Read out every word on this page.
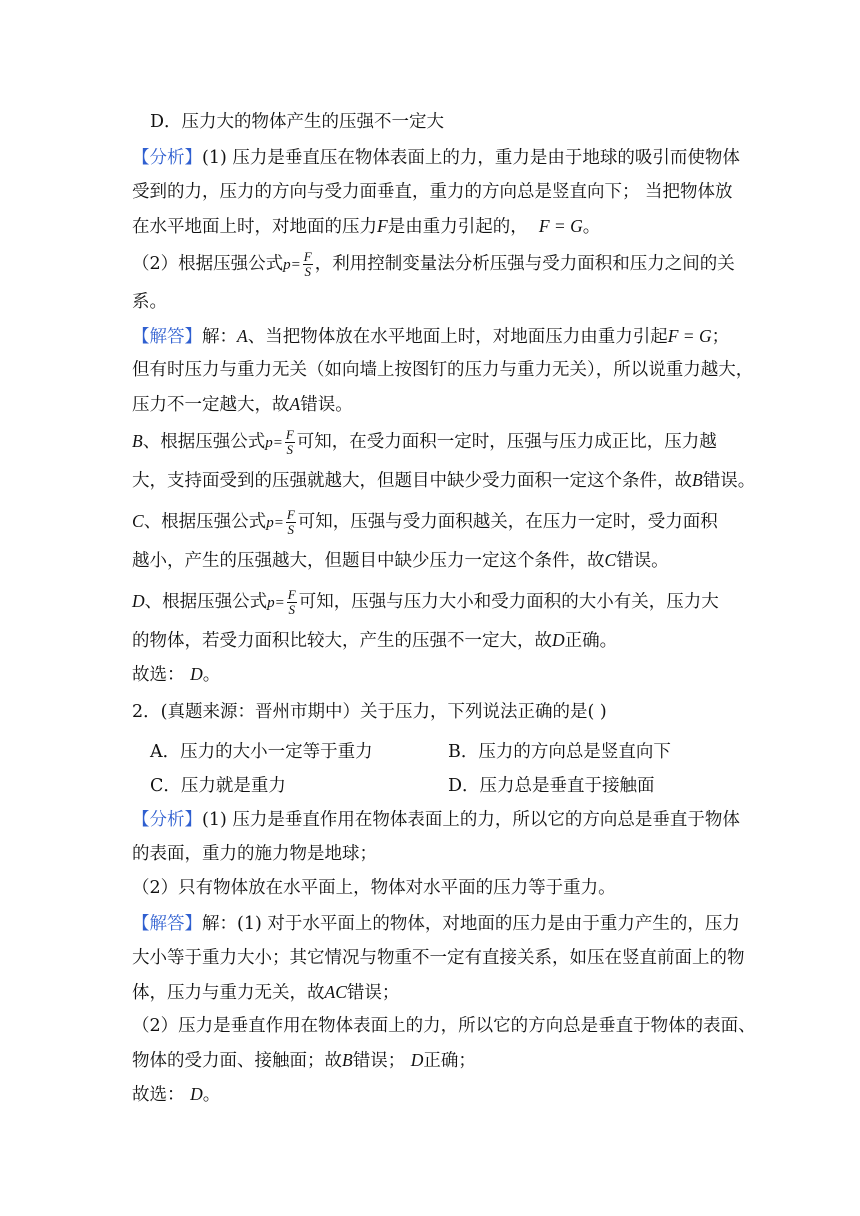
D．压力大的物体产生的压强不一定大
【分析】(1) 压力是垂直压在物体表面上的力，重力是由于地球的吸引而使物体
受到的力，压力的方向与受力面垂直，重力的方向总是竖直向下； 当把物体放
在水平地面上时，对地面的压力F是由重力引起的， F = G。
（2）根据压强公式$p= \frac{F}{S}$ ，利用控制变量法分析压强与受力面积和压力之间的关
系。
【解答】解：A、当把物体放在水平地面上时，对地面压力由重力引起F = G；
但有时压力与重力无关（如向墙上按图钉的压力与重力无关），所以说重力越大，
压力不一定越大，故A错误。
B、根据压强公式$p= \frac{F}{S}$ 可知，在受力面积一定时，压强与压力成正比，压力越
大，支持面受到的压强就越大，但题目中缺少受力面积一定这个条件，故B错误。
C、根据压强公式$p= \frac{F}{S}$ 可知，压强与受力面积越关，在压力一定时，受力面积
越小，产生的压强越大，但题目中缺少压力一定这个条件，故C错误。
D、根据压强公式$p= \frac{F}{S}$ 可知，压强与压力大小和受力面积的大小有关，压力大
的物体，若受力面积比较大，产生的压强不一定大，故D正确。
故选： D。
2．(真题来源：晋州市期中）关于压力，下列说法正确的是( )
A．压力的大小一定等于重力	B．压力的方向总是竖直向下
C．压力就是重力	D．压力总是垂直于接触面
【分析】(1) 压力是垂直作用在物体表面上的力，所以它的方向总是垂直于物体
的表面，重力的施力物是地球；
（2）只有物体放在水平面上，物体对水平面的压力等于重力。
【解答】解：(1) 对于水平面上的物体，对地面的压力是由于重力产生的，压力
大小等于重力大小；其它情况与物重不一定有直接关系，如压在竖直前面上的物
体，压力与重力无关，故AC错误；
（2）压力是垂直作用在物体表面上的力，所以它的方向总是垂直于物体的表面、
物体的受力面、接触面；故B错误； D正确；
故选： D。
